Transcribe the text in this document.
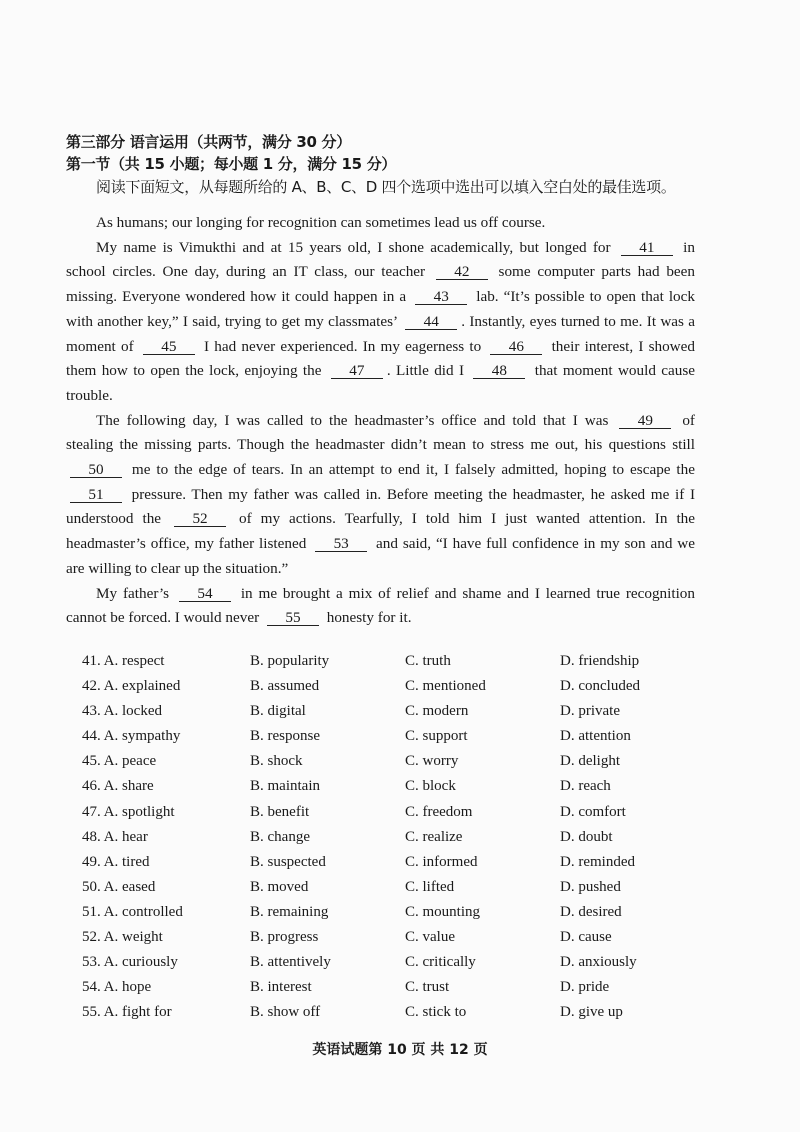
第三部分 语言运用（共两节，满分 30 分）
第一节（共 15 小题；每小题 1 分，满分 15 分）
阅读下面短文，从每题所给的 A、B、C、D 四个选项中选出可以填入空白处的最佳选项。

As humans; our longing for recognition can sometimes lead us off course.

My name is Vimukthi and at 15 years old, I shone academically, but longed for 41 in school circles. One day, during an IT class, our teacher 42 some computer parts had been missing. Everyone wondered how it could happen in a 43 lab. “It’s possible to open that lock with another key,” I said, trying to get my classmates’ 44 . Instantly, eyes turned to me. It was a moment of 45 I had never experienced. In my eagerness to 46 their interest, I showed them how to open the lock, enjoying the 47 . Little did I 48 that moment would cause trouble.

The following day, I was called to the headmaster’s office and told that I was 49 of stealing the missing parts. Though the headmaster didn’t mean to stress me out, his questions still 50 me to the edge of tears. In an attempt to end it, I falsely admitted, hoping to escape the 51 pressure. Then my father was called in. Before meeting the headmaster, he asked me if I understood the 52 of my actions. Tearfully, I told him I just wanted attention. In the headmaster’s office, my father listened 53 and said, “I have full confidence in my son and we are willing to clear up the situation.”

My father’s 54 in me brought a mix of relief and shame and I learned true recognition cannot be forced. I would never 55 honesty for it.

41. A. respect	B. popularity	C. truth	D. friendship
42. A. explained	B. assumed	C. mentioned	D. concluded
43. A. locked	B. digital	C. modern	D. private
44. A. sympathy	B. response	C. support	D. attention
45. A. peace	B. shock	C. worry	D. delight
46. A. share	B. maintain	C. block	D. reach
47. A. spotlight	B. benefit	C. freedom	D. comfort
48. A. hear	B. change	C. realize	D. doubt
49. A. tired	B. suspected	C. informed	D. reminded
50. A. eased	B. moved	C. lifted	D. pushed
51. A. controlled	B. remaining	C. mounting	D. desired
52. A. weight	B. progress	C. value	D. cause
53. A. curiously	B. attentively	C. critically	D. anxiously
54. A. hope	B. interest	C. trust	D. pride
55. A. fight for	B. show off	C. stick to	D. give up
英语试题第 10 页 共 12 页
